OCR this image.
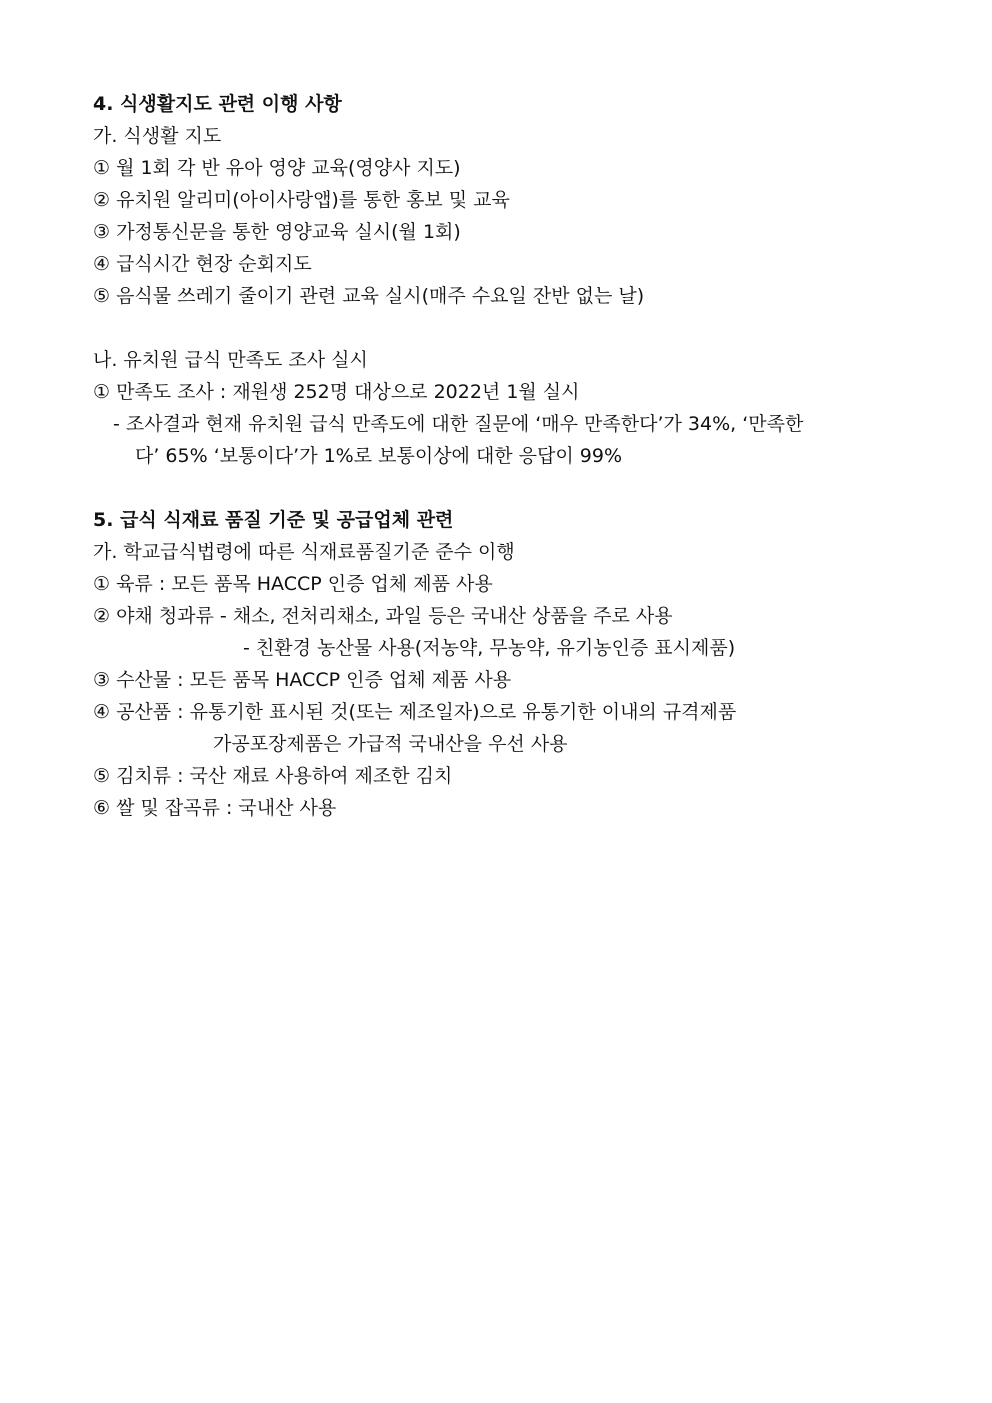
4. 식생활지도 관련 이행 사항
가. 식생활 지도
① 월 1회 각 반 유아 영양 교육(영양사 지도)
② 유치원 알리미(아이사랑앱)를 통한 홍보 및 교육
③ 가정통신문을 통한 영양교육 실시(월 1회)
④ 급식시간 현장 순회지도
⑤ 음식물 쓰레기 줄이기 관련 교육 실시(매주 수요일 잔반 없는 날)
나. 유치원 급식 만족도 조사 실시
① 만족도 조사 : 재원생 252명 대상으로 2022년 1월 실시
- 조사결과 현재 유치원 급식 만족도에 대한 질문에 ‘매우 만족한다’가 34%, ‘만족한
다’ 65% ‘보통이다’가 1%로 보통이상에 대한 응답이 99%
5. 급식 식재료 품질 기준 및 공급업체 관련
가. 학교급식법령에 따른 식재료품질기준 준수 이행
① 육류 : 모든 품목 HACCP 인증 업체 제품 사용
② 야채 청과류 - 채소, 전처리채소, 과일 등은 국내산 상품을 주로 사용
- 친환경 농산물 사용(저농약, 무농약, 유기농인증 표시제품)
③ 수산물 : 모든 품목 HACCP 인증 업체 제품 사용
④ 공산품 : 유통기한 표시된 것(또는 제조일자)으로 유통기한 이내의 규격제품
가공포장제품은 가급적 국내산을 우선 사용
⑤ 김치류 : 국산 재료 사용하여 제조한 김치
⑥ 쌀 및 잡곡류 : 국내산 사용
